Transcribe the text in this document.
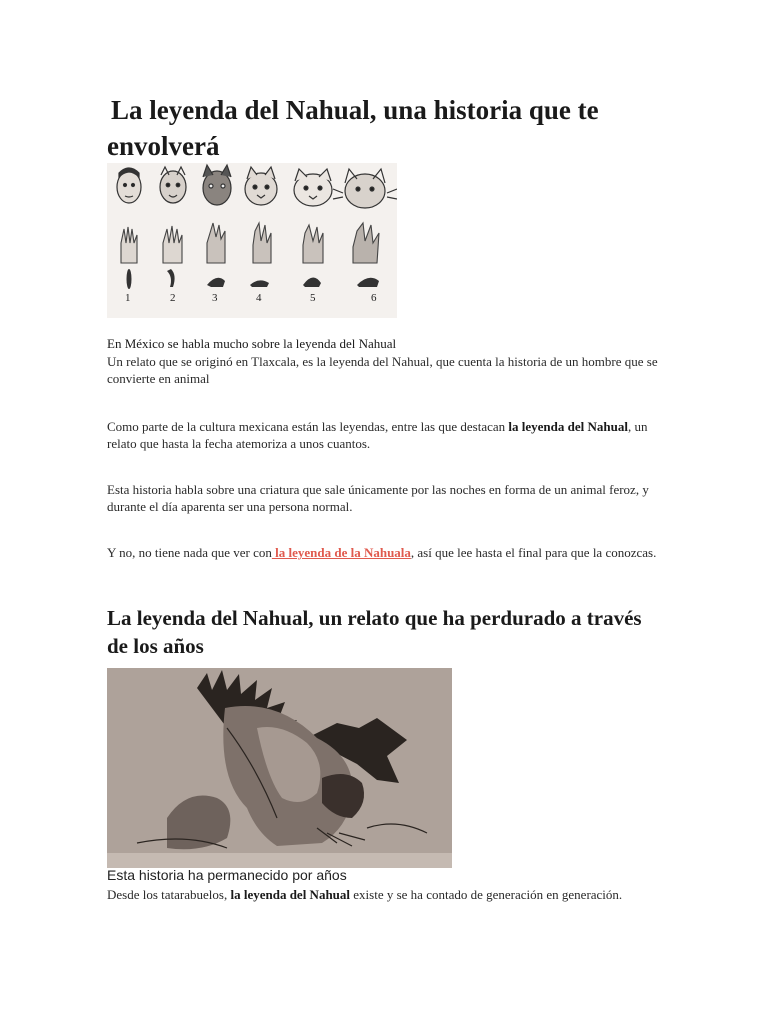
La leyenda del Nahual, una historia que te envolverá
1	2	3	4	5	6
En México se habla mucho sobre la leyenda del Nahual

Un relato que se originó en Tlaxcala, es la leyenda del Nahual, que cuenta la historia de un hombre que se convierte en animal

Como parte de la cultura mexicana están las leyendas, entre las que destacan la leyenda del Nahual, un relato que hasta la fecha atemoriza a unos cuantos.

Esta historia habla sobre una criatura que sale únicamente por las noches en forma de un animal feroz, y durante el día aparenta ser una persona normal.

Y no, no tiene nada que ver con la leyenda de la Nahuala, así que lee hasta el final para que la conozcas.

La leyenda del Nahual, un relato que ha perdurado a través de los años
Esta historia ha permanecido por años

Desde los tatarabuelos, la leyenda del Nahual existe y se ha contado de generación en generación.
